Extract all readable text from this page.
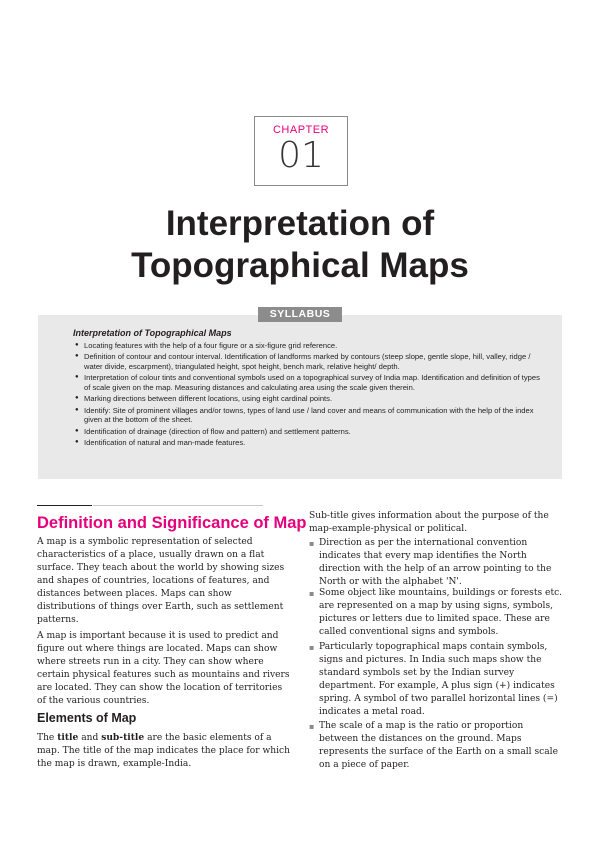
CHAPTER
01
Interpretation of
Topographical Maps
SYLLABUS
Interpretation of Topographical Maps
● Locating features with the help of a four figure or a six-figure grid reference.
● Definition of contour and contour interval. Identification of landforms marked by contours (steep slope, gentle slope, hill, valley, ridge / water divide, escarpment), triangulated height, spot height, bench mark, relative height/ depth.
● Interpretation of colour tints and conventional symbols used on a topographical survey of India map. Identification and definition of types of scale given on the map. Measuring distances and calculating area using the scale given therein.
● Marking directions between different locations, using eight cardinal points.
● Identify: Site of prominent villages and/or towns, types of land use / land cover and means of communication with the help of the index given at the bottom of the sheet.
● Identification of drainage (direction of flow and pattern) and settlement patterns.
● Identification of natural and man-made features.
Definition and Significance of Map

A map is a symbolic representation of selected characteristics of a place, usually drawn on a flat surface. They teach about the world by showing sizes and shapes of countries, locations of features, and distances between places. Maps can show distributions of things over Earth, such as settlement patterns.

A map is important because it is used to predict and figure out where things are located. Maps can show where streets run in a city. They can show where certain physical features such as mountains and rivers are located. They can show the location of territories of the various countries.

Elements of Map

The title and sub-title are the basic elements of a map. The title of the map indicates the place for which the map is drawn, example-India.

Sub-title gives information about the purpose of the map-example-physical or political.

▪ Direction as per the international convention indicates that every map identifies the North direction with the help of an arrow pointing to the North or with the alphabet 'N'.
▪ Some object like mountains, buildings or forests etc. are represented on a map by using signs, symbols, pictures or letters due to limited space. These are called conventional signs and symbols.
▪ Particularly topographical maps contain symbols, signs and pictures. In India such maps show the standard symbols set by the Indian survey department. For example, A plus sign (+) indicates spring. A symbol of two parallel horizontal lines (=) indicates a metal road.
▪ The scale of a map is the ratio or proportion between the distances on the ground. Maps represents the surface of the Earth on a small scale on a piece of paper.
